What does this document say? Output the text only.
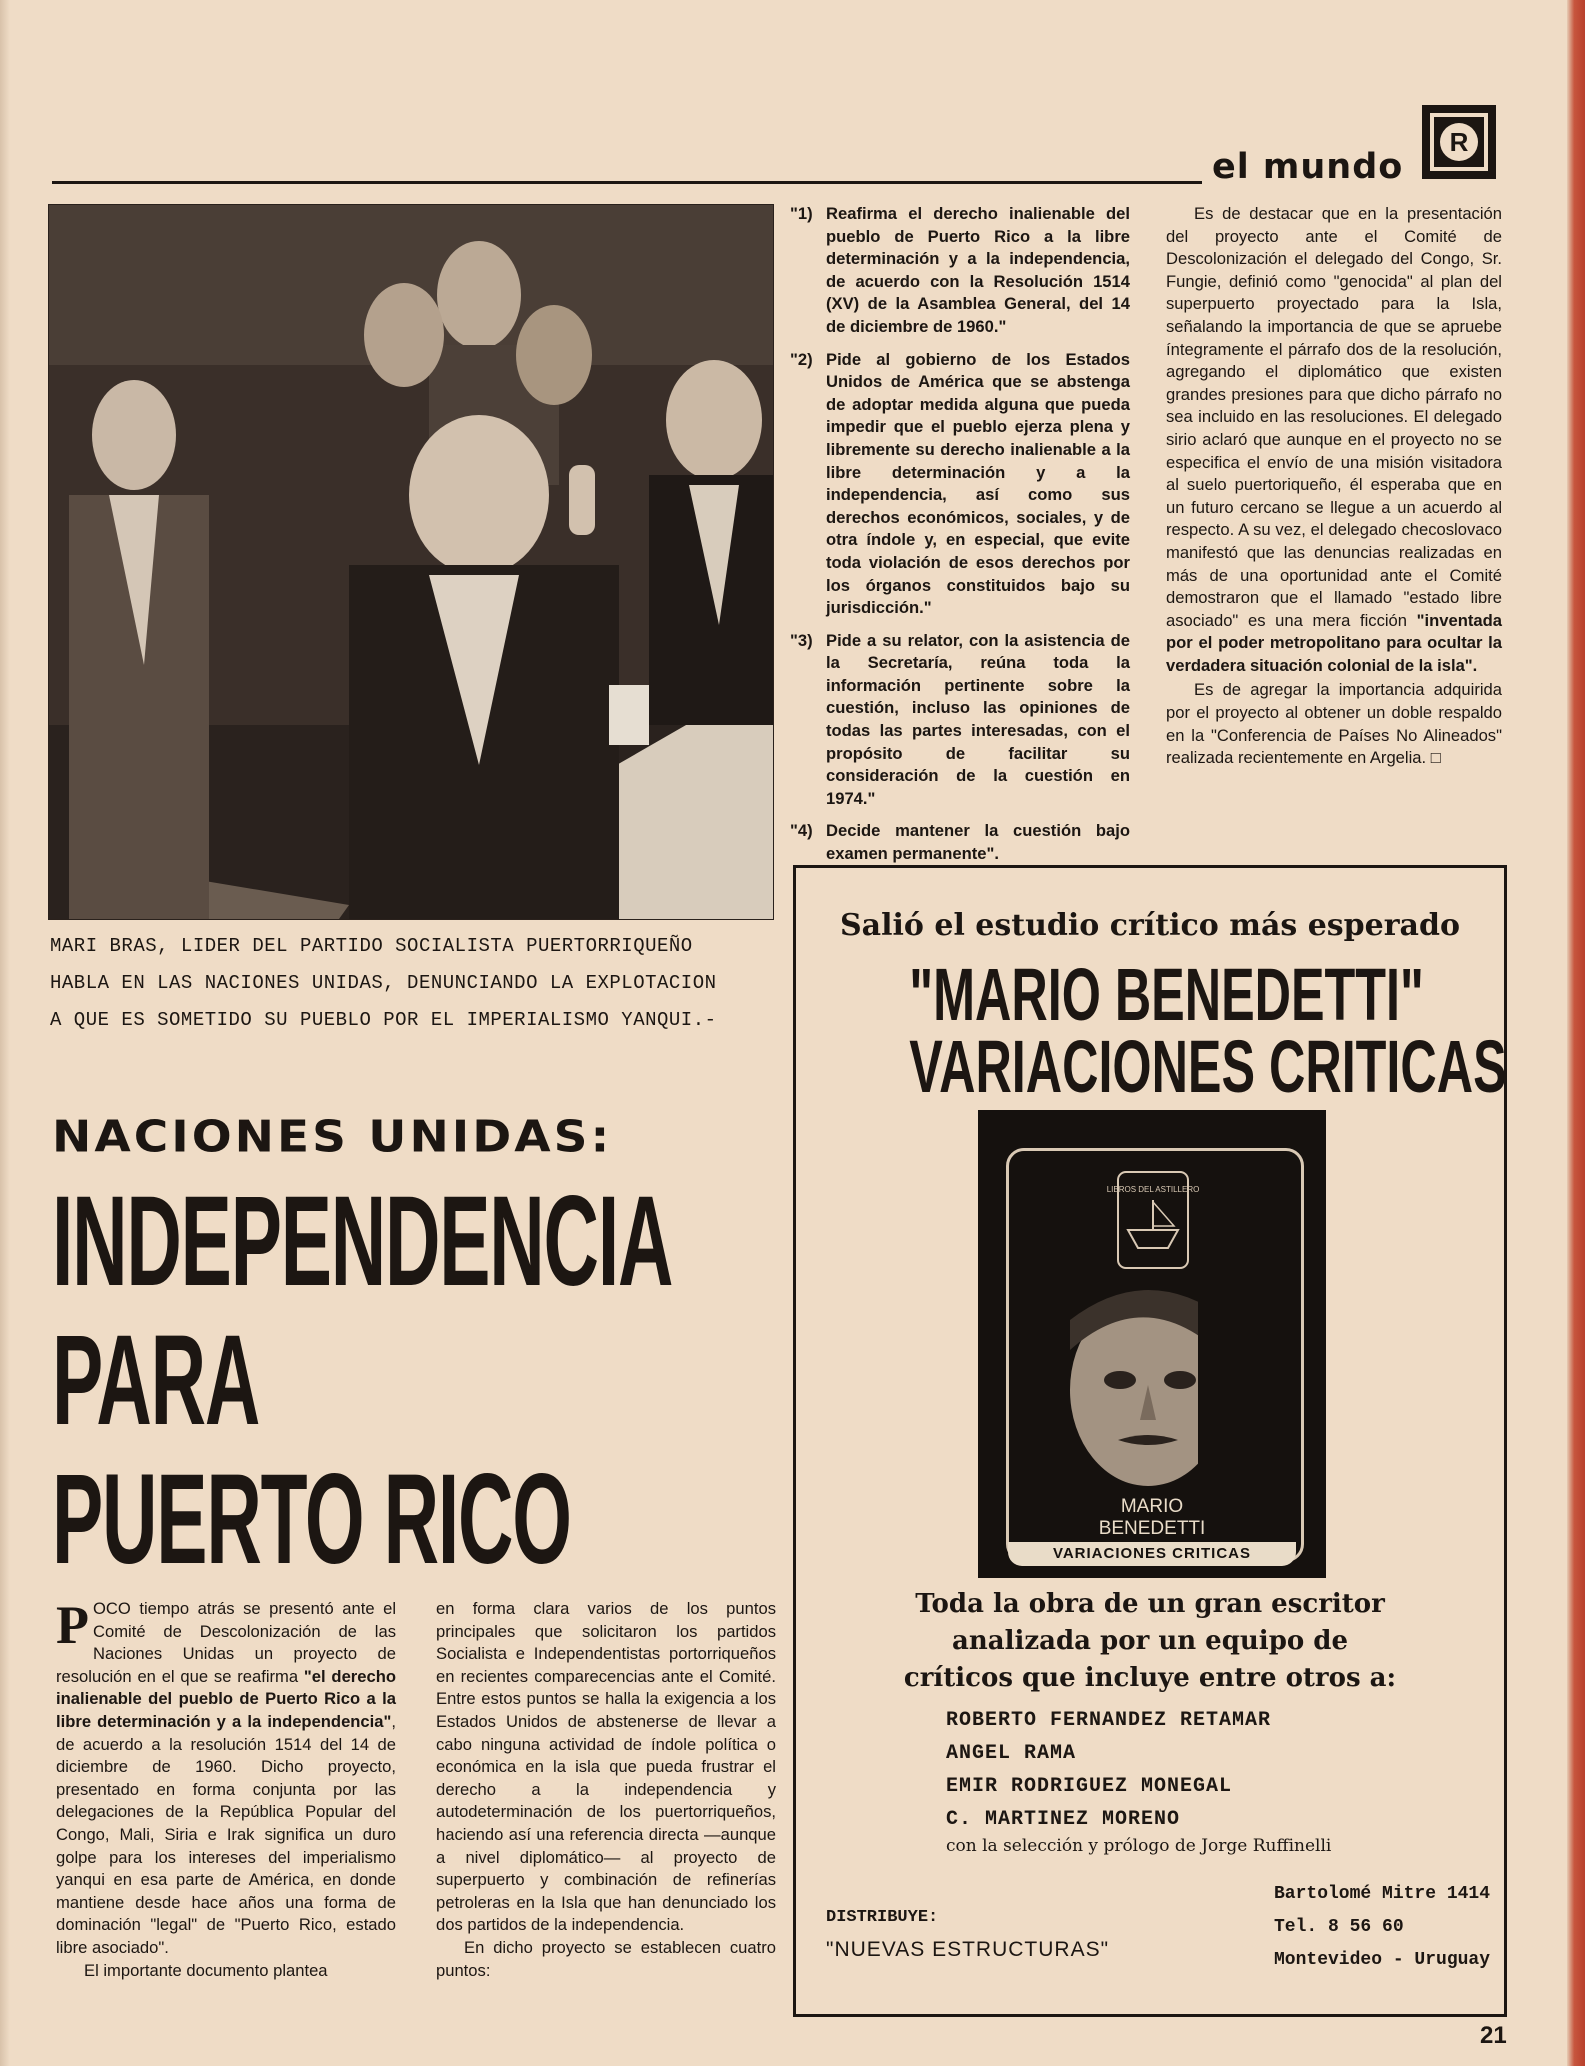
el mundo
R
MARI BRAS, LIDER DEL PARTIDO SOCIALISTA PUERTORRIQUEÑO
HABLA EN LAS NACIONES UNIDAS, DENUNCIANDO LA EXPLOTACION
A QUE ES SOMETIDO SU PUEBLO POR EL IMPERIALISMO YANQUI.-
"1) Reafirma el derecho inalienable del pueblo de Puerto Rico a la libre determinación y a la independencia, de acuerdo con la Resolución 1514 (XV) de la Asamblea General, del 14 de diciembre de 1960."

"2) Pide al gobierno de los Estados Unidos de América que se abstenga de adoptar medida alguna que pueda impedir que el pueblo ejerza plena y libremente su derecho inalienable a la libre determinación y a la independencia, así como sus derechos económicos, sociales, y de otra índole y, en especial, que evite toda violación de esos derechos por los órganos constituidos bajo su jurisdicción."

"3) Pide a su relator, con la asistencia de la Secretaría, reúna toda la información pertinente sobre la cuestión, incluso las opiniones de todas las partes interesadas, con el propósito de facilitar su consideración de la cuestión en 1974."

"4) Decide mantener la cuestión bajo examen permanente".

Es de destacar que en la presentación del proyecto ante el Comité de Descolonización el delegado del Congo, Sr. Fungie, definió como "genocida" al plan del superpuerto proyectado para la Isla, señalando la importancia de que se apruebe íntegramente el párrafo dos de la resolución, agregando el diplomático que existen grandes presiones para que dicho párrafo no sea incluido en las resoluciones. El delegado sirio aclaró que aunque en el proyecto no se especifica el envío de una misión visitadora al suelo puertoriqueño, él esperaba que en un futuro cercano se llegue a un acuerdo al respecto. A su vez, el delegado checoslovaco manifestó que las denuncias realizadas en más de una oportunidad ante el Comité demostraron que el llamado "estado libre asociado" es una mera ficción "inventada por el poder metropolitano para ocultar la verdadera situación colonial de la isla".

Es de agregar la importancia adquirida por el proyecto al obtener un doble respaldo en la "Conferencia de Países No Alineados" realizada recientemente en Argelia. □

NACIONES UNIDAS:
INDEPENDENCIA
PARA
PUERTO RICO

POCO tiempo atrás se presentó ante el Comité de Descolonización de las Naciones Unidas un proyecto de resolución en el que se reafirma "el derecho inalienable del pueblo de Puerto Rico a la libre determinación y a la independencia", de acuerdo a la resolución 1514 del 14 de diciembre de 1960. Dicho proyecto, presentado en forma conjunta por las delegaciones de la República Popular del Congo, Mali, Siria e Irak significa un duro golpe para los intereses del imperialismo yanqui en esa parte de América, en donde mantiene desde hace años una forma de dominación "legal" de "Puerto Rico, estado libre asociado".

El importante documento plantea

en forma clara varios de los puntos principales que solicitaron los partidos Socialista e Independentistas portorriqueños en recientes comparecencias ante el Comité. Entre estos puntos se halla la exigencia a los Estados Unidos de abstenerse de llevar a cabo ninguna actividad de índole política o económica en la isla que pueda frustrar el derecho a la independencia y autodeterminación de los puertorriqueños, haciendo así una referencia directa —aunque a nivel diplomático— al proyecto de superpuerto y combinación de refinerías petroleras en la Isla que han denunciado los dos partidos de la independencia.

En dicho proyecto se establecen cuatro puntos:

Salió el estudio crítico más esperado
"MARIO BENEDETTI"
VARIACIONES CRITICAS
LIBROS DEL ASTILLERO
MARIO
BENEDETTI
VARIACIONES CRITICAS
Toda la obra de un gran escritor
analizada por un equipo de
críticos que incluye entre otros a:
ROBERTO FERNANDEZ RETAMAR
ANGEL RAMA
EMIR RODRIGUEZ MONEGAL
C. MARTINEZ MORENO
con la selección y prólogo de Jorge Ruffinelli
Bartolomé Mitre 1414
Tel. 8 56 60
Montevideo - Uruguay
DISTRIBUYE:
"NUEVAS ESTRUCTURAS"
21
